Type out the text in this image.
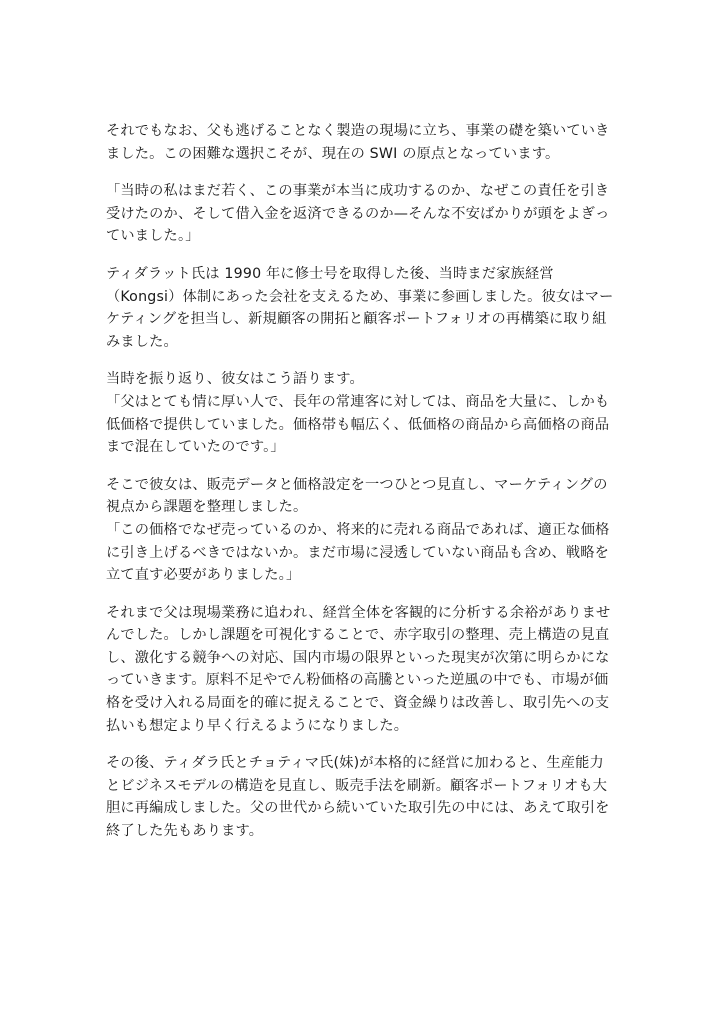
それでもなお、父も逃げることなく製造の現場に立ち、事業の礎を築いていき
ました。この困難な選択こそが、現在の SWI の原点となっています。

「当時の私はまだ若く、この事業が本当に成功するのか、なぜこの責任を引き
受けたのか、そして借入金を返済できるのか—そんな不安ばかりが頭をよぎっ
ていました。」

ティダラット氏は 1990 年に修士号を取得した後、当時まだ家族経営
（Kongsi）体制にあった会社を支えるため、事業に参画しました。彼女はマー
ケティングを担当し、新規顧客の開拓と顧客ポートフォリオの再構築に取り組
みました。

当時を振り返り、彼女はこう語ります。
「父はとても情に厚い人で、長年の常連客に対しては、商品を大量に、しかも
低価格で提供していました。価格帯も幅広く、低価格の商品から高価格の商品
まで混在していたのです。」

そこで彼女は、販売データと価格設定を一つひとつ見直し、マーケティングの
視点から課題を整理しました。
「この価格でなぜ売っているのか、将来的に売れる商品であれば、適正な価格
に引き上げるべきではないか。まだ市場に浸透していない商品も含め、戦略を
立て直す必要がありました。」

それまで父は現場業務に追われ、経営全体を客観的に分析する余裕がありませ
んでした。しかし課題を可視化することで、赤字取引の整理、売上構造の見直
し、激化する競争への対応、国内市場の限界といった現実が次第に明らかにな
っていきます。原料不足やでん粉価格の高騰といった逆風の中でも、市場が価
格を受け入れる局面を的確に捉えることで、資金繰りは改善し、取引先への支
払いも想定より早く行えるようになりました。

その後、ティダラ氏とチョティマ氏(妹)が本格的に経営に加わると、生産能力
とビジネスモデルの構造を見直し、販売手法を刷新。顧客ポートフォリオも大
胆に再編成しました。父の世代から続いていた取引先の中には、あえて取引を
終了した先もあります。
